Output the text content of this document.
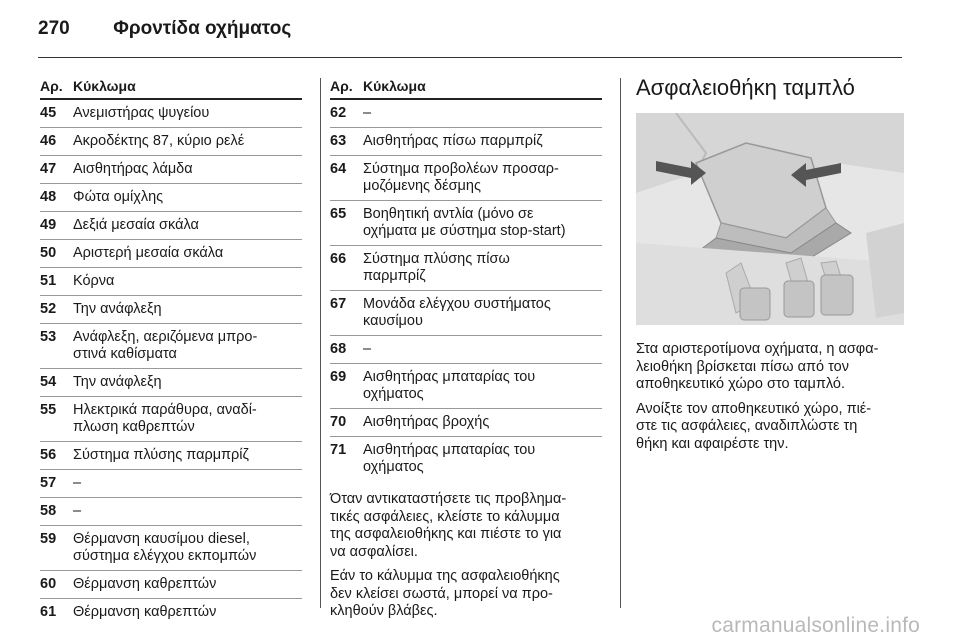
270 Φροντίδα οχήματος
Αρ. Κύκλωμα
45	Ανεμιστήρας ψυγείου
46	Ακροδέκτης 87, κύριο ρελέ
47	Αισθητήρας λάμδα
48	Φώτα ομίχλης
49	Δεξιά μεσαία σκάλα
50	Αριστερή μεσαία σκάλα
51	Κόρνα
52	Την ανάφλεξη
53	Ανάφλεξη, αεριζόμενα μπρο-
στινά καθίσματα
54	Την ανάφλεξη
55	Ηλεκτρικά παράθυρα, αναδί-
πλωση καθρεπτών
56	Σύστημα πλύσης παρμπρίζ
57	–
58	–
59	Θέρμανση καυσίμου diesel,
σύστημα ελέγχου εκπομπών
60	Θέρμανση καθρεπτών
61	Θέρμανση καθρεπτών
Αρ. Κύκλωμα
62	–
63	Αισθητήρας πίσω παρμπρίζ
64	Σύστημα προβολέων προσαρ-
μοζόμενης δέσμης
65	Βοηθητική αντλία (μόνο σε
οχήματα με σύστημα stop-start)
66	Σύστημα πλύσης πίσω
παρμπρίζ
67	Μονάδα ελέγχου συστήματος
καυσίμου
68	–
69	Αισθητήρας μπαταρίας του
οχήματος
70	Αισθητήρας βροχής
71	Αισθητήρας μπαταρίας του
οχήματος

Όταν αντικαταστήσετε τις προβλημα-
τικές ασφάλειες, κλείστε το κάλυμμα
της ασφαλειοθήκης και πιέστε το για
να ασφαλίσει.

Εάν το κάλυμμα της ασφαλειοθήκης
δεν κλείσει σωστά, μπορεί να προ-
κληθούν βλάβες.

Ασφαλειοθήκη ταμπλό

Στα αριστεροτίμονα οχήματα, η ασφα-
λειοθήκη βρίσκεται πίσω από τον
αποθηκευτικό χώρο στο ταμπλό.

Ανοίξτε τον αποθηκευτικό χώρο, πιέ-
στε τις ασφάλειες, αναδιπλώστε τη
θήκη και αφαιρέστε την.

carmanualsonline.info
